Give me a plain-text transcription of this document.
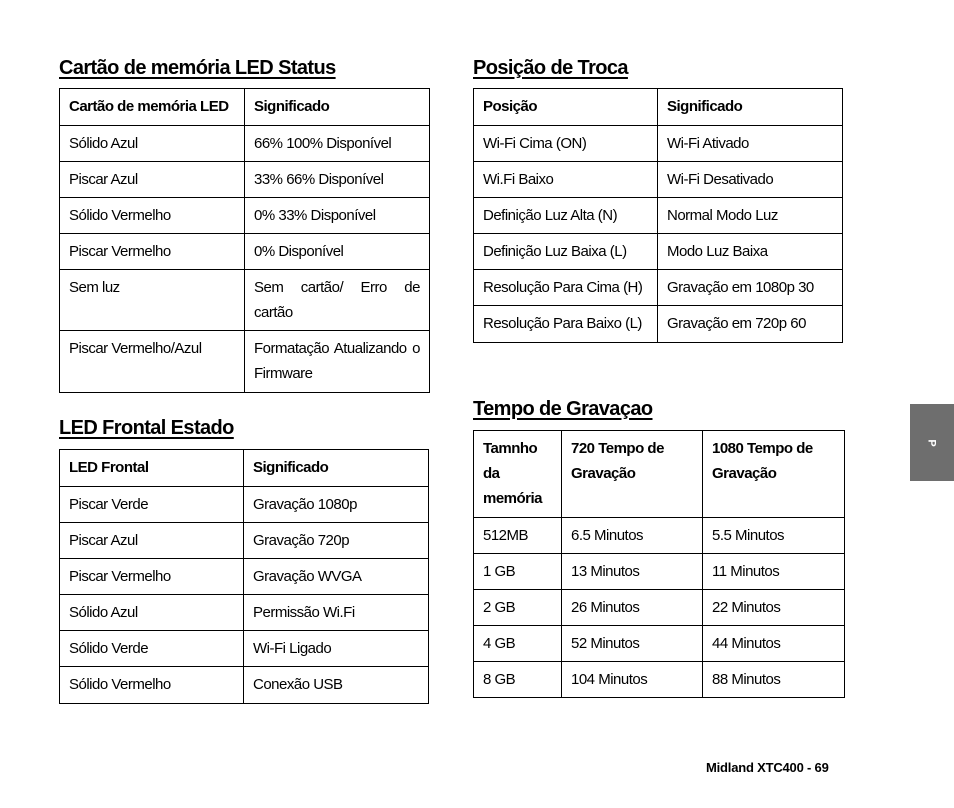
Cartão de memória LED Status
Cartão de memória LED	Significado
Sólido Azul	66% 100% Disponível
Piscar Azul	33% 66% Disponível
Sólido Vermelho	0% 33% Disponível
Piscar Vermelho	0% Disponível
Sem luz	Sem cartão/ Erro de cartão
Piscar Vermelho/Azul	Formatação Atualizando o Firmware
LED Frontal Estado
LED Frontal	Significado
Piscar Verde	Gravação 1080p
Piscar Azul	Gravação 720p
Piscar Vermelho	Gravação WVGA
Sólido Azul	Permissão Wi.Fi
Sólido Verde	Wi-Fi Ligado
Sólido Vermelho	Conexão USB
Posição de Troca
Posição	Significado
Wi-Fi Cima (ON)	Wi-Fi Ativado
Wi.Fi Baixo	Wi-Fi Desativado
Definição Luz Alta (N)	Normal Modo Luz
Definição Luz Baixa (L)	Modo Luz Baixa
Resolução Para Cima (H)	Gravação em 1080p 30
Resolução Para Baixo (L)	Gravação em 720p 60
Tempo de Gravaçao
Tamnho da memória	720 Tempo de Gravação	1080 Tempo de Gravação
512MB	6.5 Minutos	5.5 Minutos
1 GB	13 Minutos	11 Minutos
2 GB	26 Minutos	22 Minutos
4 GB	52 Minutos	44 Minutos
8 GB	104 Minutos	88 Minutos
P
Midland XTC400 - 69
